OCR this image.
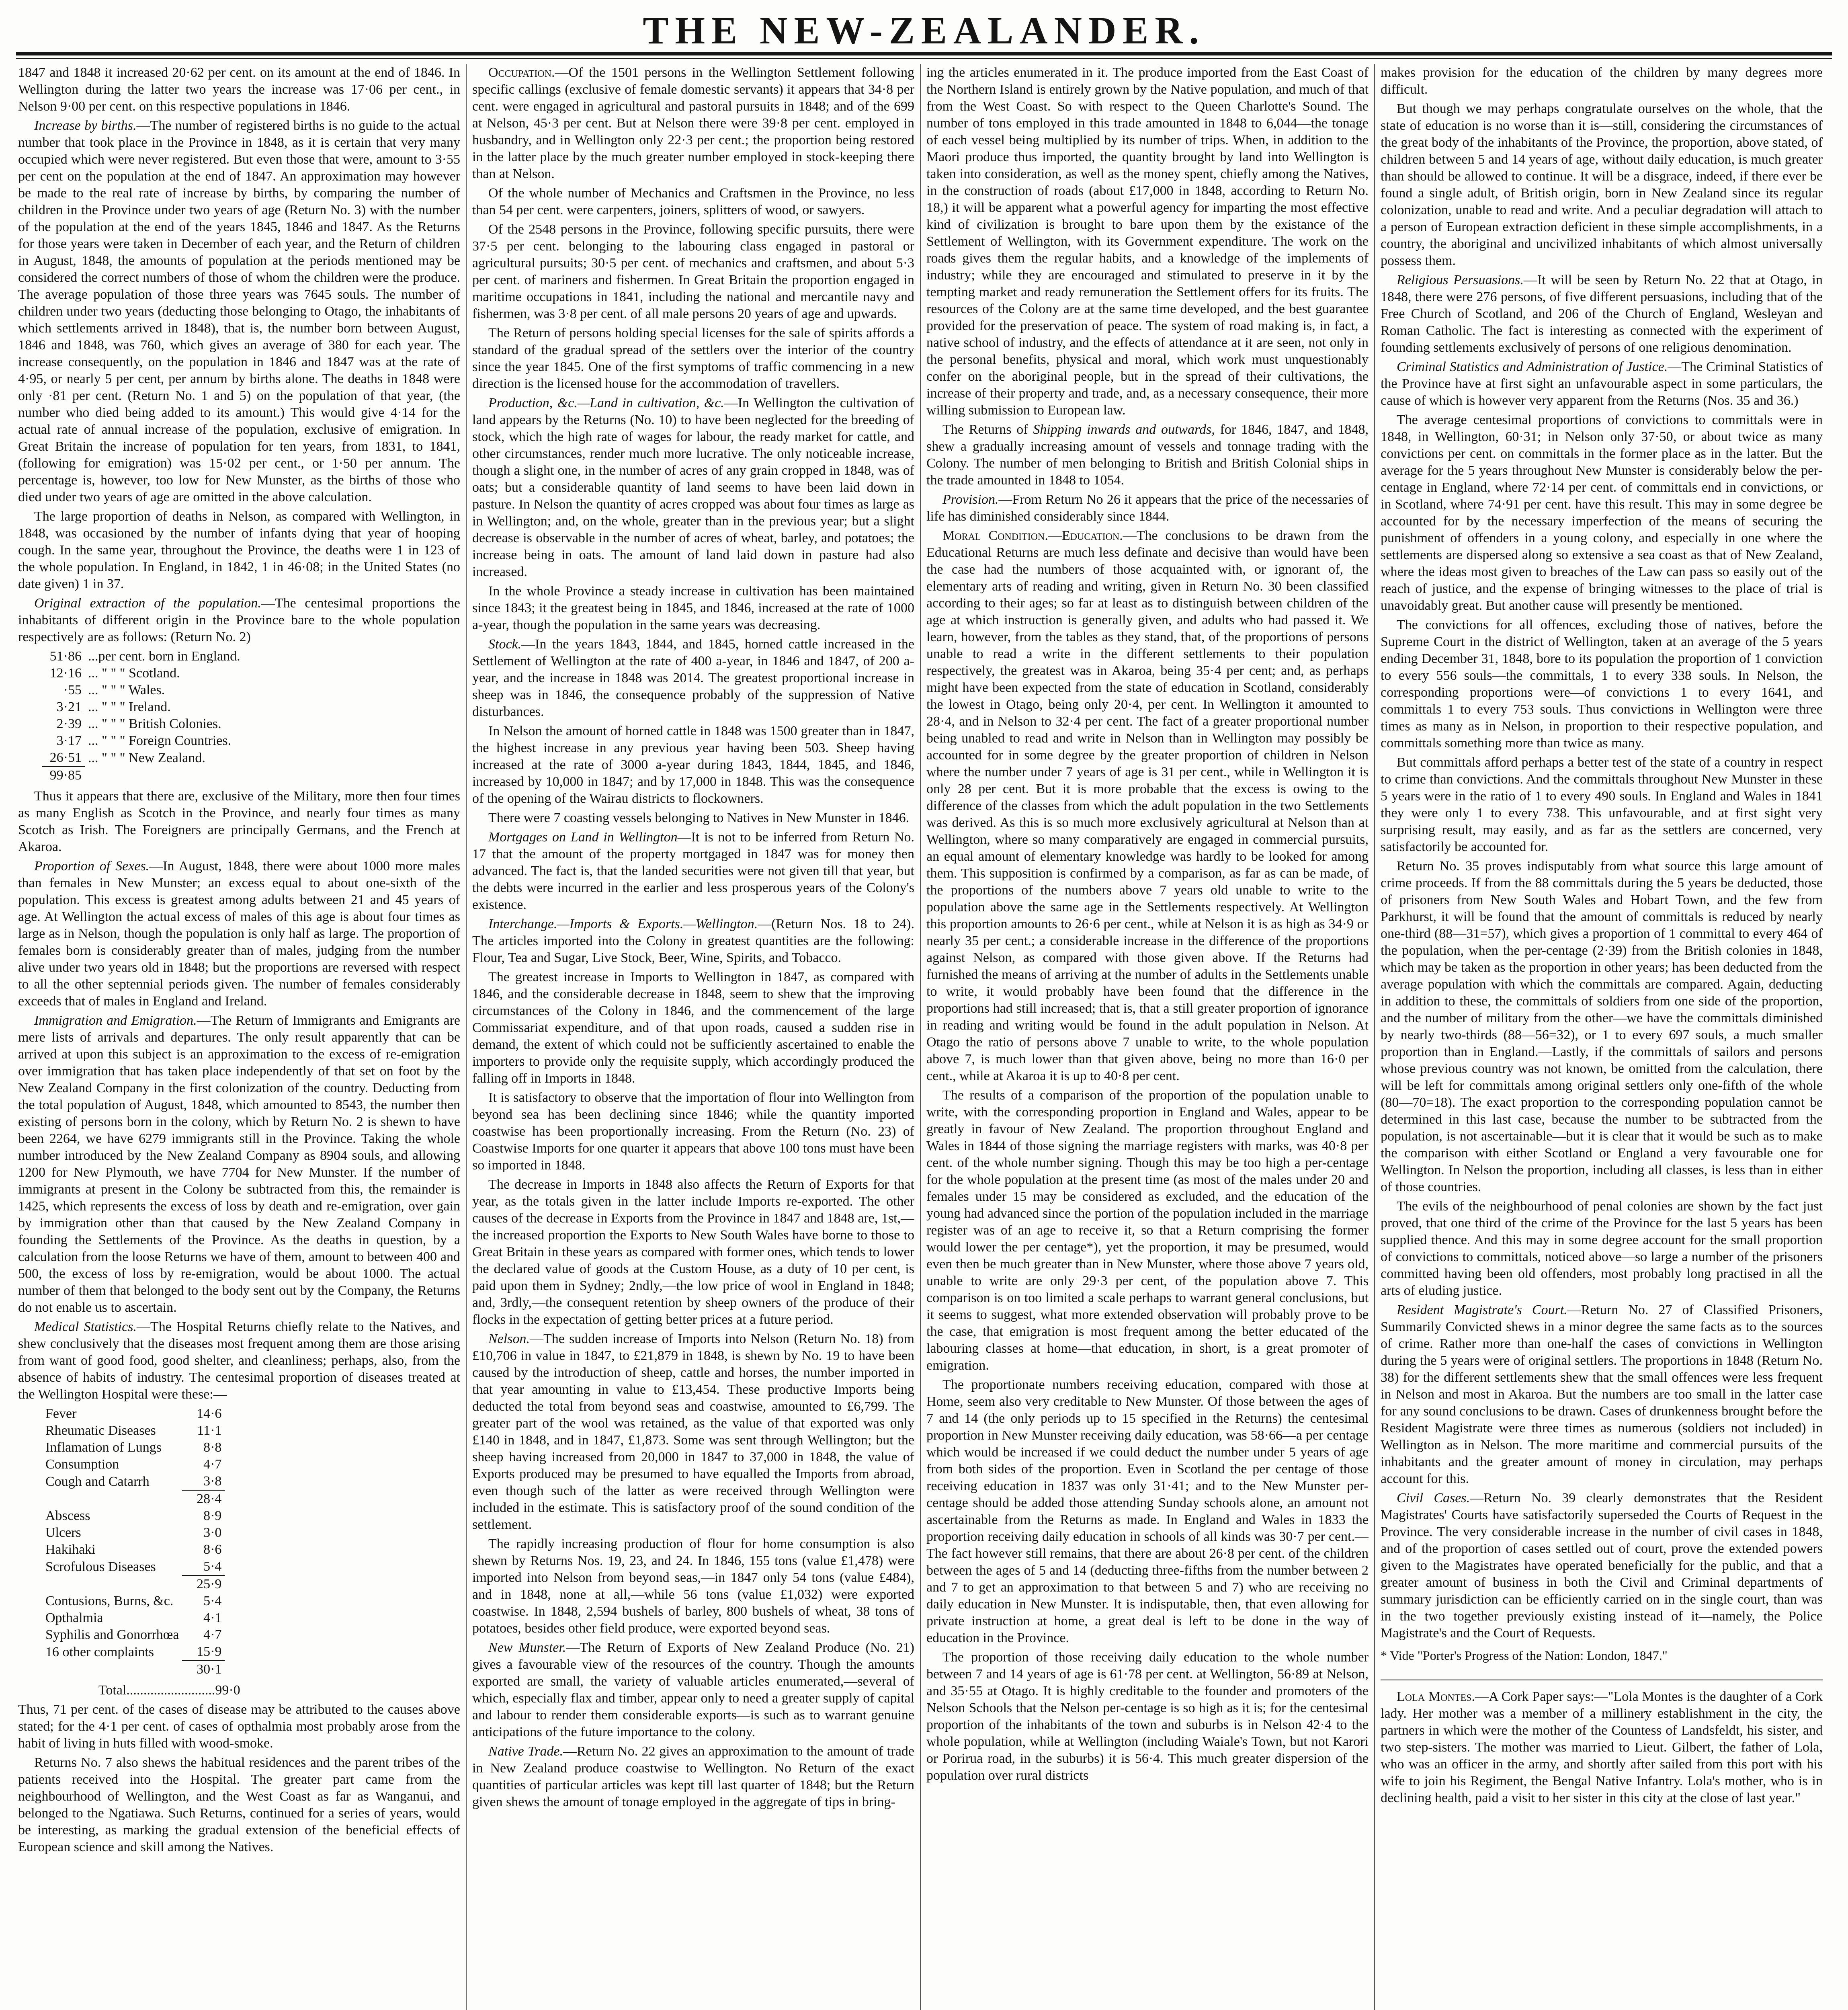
THE NEW-ZEALANDER.

1847 and 1848 it increased 20·62 per cent. on its amount at the end of 1846. In Wellington during the latter two years the increase was 17·06 per cent., in Nelson 9·00 per cent. on this respective populations in 1846.

Increase by births.—The number of registered births is no guide to the actual number that took place in the Province in 1848, as it is certain that very many occupied which were never registered. But even those that were, amount to 3·55 per cent on the population at the end of 1847. An approximation may however be made to the real rate of increase by births, by comparing the number of children in the Province under two years of age (Return No. 3) with the number of the population at the end of the years 1845, 1846 and 1847. As the Returns for those years were taken in December of each year, and the Return of children in August, 1848, the amounts of population at the periods mentioned may be considered the correct numbers of those of whom the children were the produce. The average population of those three years was 7645 souls. The number of children under two years (deducting those belonging to Otago, the inhabitants of which settlements arrived in 1848), that is, the number born between August, 1846 and 1848, was 760, which gives an average of 380 for each year. The increase consequently, on the population in 1846 and 1847 was at the rate of 4·95, or nearly 5 per cent, per annum by births alone. The deaths in 1848 were only ·81 per cent. (Return No. 1 and 5) on the population of that year, (the number who died being added to its amount.) This would give 4·14 for the actual rate of annual increase of the population, exclusive of emigration. In Great Britain the increase of population for ten years, from 1831, to 1841, (following for emigration) was 15·02 per cent., or 1·50 per annum. The percentage is, however, too low for New Munster, as the births of those who died under two years of age are omitted in the above calculation.

The large proportion of deaths in Nelson, as compared with Wellington, in 1848, was occasioned by the number of infants dying that year of hooping cough. In the same year, throughout the Province, the deaths were 1 in 123 of the whole population. In England, in 1842, 1 in 46·08; in the United States (no date given) 1 in 37.

Original extraction of the population.—The centesimal proportions the inhabitants of different origin in the Province bare to the whole population respectively are as follows: (Return No. 2)

51·86	...per cent. born in England.
12·16	... " " " Scotland.
·55	... " " " Wales.
3·21	... " " " Ireland.
2·39	... " " " British Colonies.
3·17	... " " " Foreign Countries.
26·51	... " " " New Zealand.
99·85	

Thus it appears that there are, exclusive of the Military, more then four times as many English as Scotch in the Province, and nearly four times as many Scotch as Irish. The Foreigners are principally Germans, and the French at Akaroa.

Proportion of Sexes.—In August, 1848, there were about 1000 more males than females in New Munster; an excess equal to about one-sixth of the population. This excess is greatest among adults between 21 and 45 years of age. At Wellington the actual excess of males of this age is about four times as large as in Nelson, though the population is only half as large. The proportion of females born is considerably greater than of males, judging from the number alive under two years old in 1848; but the proportions are reversed with respect to all the other septennial periods given. The number of females considerably exceeds that of males in England and Ireland.

Immigration and Emigration.—The Return of Immigrants and Emigrants are mere lists of arrivals and departures. The only result apparently that can be arrived at upon this subject is an approximation to the excess of re-emigration over immigration that has taken place independently of that set on foot by the New Zealand Company in the first colonization of the country. Deducting from the total population of August, 1848, which amounted to 8543, the number then existing of persons born in the colony, which by Return No. 2 is shewn to have been 2264, we have 6279 immigrants still in the Province. Taking the whole number introduced by the New Zealand Company as 8904 souls, and allowing 1200 for New Plymouth, we have 7704 for New Munster. If the number of immigrants at present in the Colony be subtracted from this, the remainder is 1425, which represents the excess of loss by death and re-emigration, over gain by immigration other than that caused by the New Zealand Company in founding the Settlements of the Province. As the deaths in question, by a calculation from the loose Returns we have of them, amount to between 400 and 500, the excess of loss by re-emigration, would be about 1000. The actual number of them that belonged to the body sent out by the Company, the Returns do not enable us to ascertain.

Medical Statistics.—The Hospital Returns chiefly relate to the Natives, and shew conclusively that the diseases most frequent among them are those arising from want of good food, good shelter, and cleanliness; perhaps, also, from the absence of habits of industry. The centesimal proportion of diseases treated at the Wellington Hospital were these:—

Fever	14·6
Rheumatic Diseases	11·1
Inflamation of Lungs	8·8
Consumption	4·7
Cough and Catarrh	3·8
	28·4
Abscess	8·9
Ulcers	3·0
Hakihaki	8·6
Scrofulous Diseases	5·4
	25·9
Contusions, Burns, &c.	5·4
Opthalmia	4·1
Syphilis and Gonorrhœa	4·7
16 other complaints	15·9
	30·1

Total..........................99·0

Thus, 71 per cent. of the cases of disease may be attributed to the causes above stated; for the 4·1 per cent. of cases of opthalmia most probably arose from the habit of living in huts filled with wood-smoke.

Returns No. 7 also shews the habitual residences and the parent tribes of the patients received into the Hospital. The greater part came from the neighbourhood of Wellington, and the West Coast as far as Wanganui, and belonged to the Ngatiawa. Such Returns, continued for a series of years, would be interesting, as marking the gradual extension of the beneficial effects of European science and skill among the Natives.

Occupation.—Of the 1501 persons in the Wellington Settlement following specific callings (exclusive of female domestic servants) it appears that 34·8 per cent. were engaged in agricultural and pastoral pursuits in 1848; and of the 699 at Nelson, 45·3 per cent. But at Nelson there were 39·8 per cent. employed in husbandry, and in Wellington only 22·3 per cent.; the proportion being restored in the latter place by the much greater number employed in stock-keeping there than at Nelson.

Of the whole number of Mechanics and Craftsmen in the Province, no less than 54 per cent. were carpenters, joiners, splitters of wood, or sawyers.

Of the 2548 persons in the Province, following specific pursuits, there were 37·5 per cent. belonging to the labouring class engaged in pastoral or agricultural pursuits; 30·5 per cent. of mechanics and craftsmen, and about 5·3 per cent. of mariners and fishermen. In Great Britain the proportion engaged in maritime occupations in 1841, including the national and mercantile navy and fishermen, was 3·8 per cent. of all male persons 20 years of age and upwards.

The Return of persons holding special licenses for the sale of spirits affords a standard of the gradual spread of the settlers over the interior of the country since the year 1845. One of the first symptoms of traffic commencing in a new direction is the licensed house for the accommodation of travellers.

Production, &c.—Land in cultivation, &c.—In Wellington the cultivation of land appears by the Returns (No. 10) to have been neglected for the breeding of stock, which the high rate of wages for labour, the ready market for cattle, and other circumstances, render much more lucrative. The only noticeable increase, though a slight one, in the number of acres of any grain cropped in 1848, was of oats; but a considerable quantity of land seems to have been laid down in pasture. In Nelson the quantity of acres cropped was about four times as large as in Wellington; and, on the whole, greater than in the previous year; but a slight decrease is observable in the number of acres of wheat, barley, and potatoes; the increase being in oats. The amount of land laid down in pasture had also increased.

In the whole Province a steady increase in cultivation has been maintained since 1843; it the greatest being in 1845, and 1846, increased at the rate of 1000 a-year, though the population in the same years was decreasing.

Stock.—In the years 1843, 1844, and 1845, horned cattle increased in the Settlement of Wellington at the rate of 400 a-year, in 1846 and 1847, of 200 a-year, and the increase in 1848 was 2014. The greatest proportional increase in sheep was in 1846, the consequence probably of the suppression of Native disturbances.

In Nelson the amount of horned cattle in 1848 was 1500 greater than in 1847, the highest increase in any previous year having been 503. Sheep having increased at the rate of 3000 a-year during 1843, 1844, 1845, and 1846, increased by 10,000 in 1847; and by 17,000 in 1848. This was the consequence of the opening of the Wairau districts to flockowners.

There were 7 coasting vessels belonging to Natives in New Munster in 1846.

Mortgages on Land in Wellington—It is not to be inferred from Return No. 17 that the amount of the property mortgaged in 1847 was for money then advanced. The fact is, that the landed securities were not given till that year, but the debts were incurred in the earlier and less prosperous years of the Colony's existence.

Interchange.—Imports & Exports.—Wellington.—(Return Nos. 18 to 24). The articles imported into the Colony in greatest quantities are the following: Flour, Tea and Sugar, Live Stock, Beer, Wine, Spirits, and Tobacco.

The greatest increase in Imports to Wellington in 1847, as compared with 1846, and the considerable decrease in 1848, seem to shew that the improving circumstances of the Colony in 1846, and the commencement of the large Commissariat expenditure, and of that upon roads, caused a sudden rise in demand, the extent of which could not be sufficiently ascertained to enable the importers to provide only the requisite supply, which accordingly produced the falling off in Imports in 1848.

It is satisfactory to observe that the importation of flour into Wellington from beyond sea has been declining since 1846; while the quantity imported coastwise has been proportionally increasing. From the Return (No. 23) of Coastwise Imports for one quarter it appears that above 100 tons must have been so imported in 1848.

The decrease in Imports in 1848 also affects the Return of Exports for that year, as the totals given in the latter include Imports re-exported. The other causes of the decrease in Exports from the Province in 1847 and 1848 are, 1st,—the increased proportion the Exports to New South Wales have borne to those to Great Britain in these years as compared with former ones, which tends to lower the declared value of goods at the Custom House, as a duty of 10 per cent, is paid upon them in Sydney; 2ndly,—the low price of wool in England in 1848; and, 3rdly,—the consequent retention by sheep owners of the produce of their flocks in the expectation of getting better prices at a future period.

Nelson.—The sudden increase of Imports into Nelson (Return No. 18) from £10,706 in value in 1847, to £21,879 in 1848, is shewn by No. 19 to have been caused by the introduction of sheep, cattle and horses, the number imported in that year amounting in value to £13,454. These productive Imports being deducted the total from beyond seas and coastwise, amounted to £6,799. The greater part of the wool was retained, as the value of that exported was only £140 in 1848, and in 1847, £1,873. Some was sent through Wellington; but the sheep having increased from 20,000 in 1847 to 37,000 in 1848, the value of Exports produced may be presumed to have equalled the Imports from abroad, even though such of the latter as were received through Wellington were included in the estimate. This is satisfactory proof of the sound condition of the settlement.

The rapidly increasing production of flour for home consumption is also shewn by Returns Nos. 19, 23, and 24. In 1846, 155 tons (value £1,478) were imported into Nelson from beyond seas,—in 1847 only 54 tons (value £484), and in 1848, none at all,—while 56 tons (value £1,032) were exported coastwise. In 1848, 2,594 bushels of barley, 800 bushels of wheat, 38 tons of potatoes, besides other field produce, were exported beyond seas.

New Munster.—The Return of Exports of New Zealand Produce (No. 21) gives a favourable view of the resources of the country. Though the amounts exported are small, the variety of valuable articles enumerated,—several of which, especially flax and timber, appear only to need a greater supply of capital and labour to render them considerable exports—is such as to warrant genuine anticipations of the future importance to the colony.

Native Trade.—Return No. 22 gives an approximation to the amount of trade in New Zealand produce coastwise to Wellington. No Return of the exact quantities of particular articles was kept till last quarter of 1848; but the Return given shews the amount of tonage employed in the aggregate of tips in bring-

ing the articles enumerated in it. The produce imported from the East Coast of the Northern Island is entirely grown by the Native population, and much of that from the West Coast. So with respect to the Queen Charlotte's Sound. The number of tons employed in this trade amounted in 1848 to 6,044—the tonage of each vessel being multiplied by its number of trips. When, in addition to the Maori produce thus imported, the quantity brought by land into Wellington is taken into consideration, as well as the money spent, chiefly among the Natives, in the construction of roads (about £17,000 in 1848, according to Return No. 18,) it will be apparent what a powerful agency for imparting the most effective kind of civilization is brought to bare upon them by the existance of the Settlement of Wellington, with its Government expenditure. The work on the roads gives them the regular habits, and a knowledge of the implements of industry; while they are encouraged and stimulated to preserve in it by the tempting market and ready remuneration the Settlement offers for its fruits. The resources of the Colony are at the same time developed, and the best guarantee provided for the preservation of peace. The system of road making is, in fact, a native school of industry, and the effects of attendance at it are seen, not only in the personal benefits, physical and moral, which work must unquestionably confer on the aboriginal people, but in the spread of their cultivations, the increase of their property and trade, and, as a necessary consequence, their more willing submission to European law.

The Returns of Shipping inwards and outwards, for 1846, 1847, and 1848, shew a gradually increasing amount of vessels and tonnage trading with the Colony. The number of men belonging to British and British Colonial ships in the trade amounted in 1848 to 1054.

Provision.—From Return No 26 it appears that the price of the necessaries of life has diminished considerably since 1844.

Moral Condition.—Education.—The conclusions to be drawn from the Educational Returns are much less definate and decisive than would have been the case had the numbers of those acquainted with, or ignorant of, the elementary arts of reading and writing, given in Return No. 30 been classified according to their ages; so far at least as to distinguish between children of the age at which instruction is generally given, and adults who had passed it. We learn, however, from the tables as they stand, that, of the proportions of persons unable to read a write in the different settlements to their population respectively, the greatest was in Akaroa, being 35·4 per cent; and, as perhaps might have been expected from the state of education in Scotland, considerably the lowest in Otago, being only 20·4, per cent. In Wellington it amounted to 28·4, and in Nelson to 32·4 per cent. The fact of a greater proportional number being unabled to read and write in Nelson than in Wellington may possibly be accounted for in some degree by the greater proportion of children in Nelson where the number under 7 years of age is 31 per cent., while in Wellington it is only 28 per cent. But it is more probable that the excess is owing to the difference of the classes from which the adult population in the two Settlements was derived. As this is so much more exclusively agricultural at Nelson than at Wellington, where so many comparatively are engaged in commercial pursuits, an equal amount of elementary knowledge was hardly to be looked for among them. This supposition is confirmed by a comparison, as far as can be made, of the proportions of the numbers above 7 years old unable to write to the population above the same age in the Settlements respectively. At Wellington this proportion amounts to 26·6 per cent., while at Nelson it is as high as 34·9 or nearly 35 per cent.; a considerable increase in the difference of the proportions against Nelson, as compared with those given above. If the Returns had furnished the means of arriving at the number of adults in the Settlements unable to write, it would probably have been found that the difference in the proportions had still increased; that is, that a still greater proportion of ignorance in reading and writing would be found in the adult population in Nelson. At Otago the ratio of persons above 7 unable to write, to the whole population above 7, is much lower than that given above, being no more than 16·0 per cent., while at Akaroa it is up to 40·8 per cent.

The results of a comparison of the proportion of the population unable to write, with the corresponding proportion in England and Wales, appear to be greatly in favour of New Zealand. The proportion throughout England and Wales in 1844 of those signing the marriage registers with marks, was 40·8 per cent. of the whole number signing. Though this may be too high a per-centage for the whole population at the present time (as most of the males under 20 and females under 15 may be considered as excluded, and the education of the young had advanced since the portion of the population included in the marriage register was of an age to receive it, so that a Return comprising the former would lower the per centage*), yet the proportion, it may be presumed, would even then be much greater than in New Munster, where those above 7 years old, unable to write are only 29·3 per cent, of the population above 7. This comparison is on too limited a scale perhaps to warrant general conclusions, but it seems to suggest, what more extended observation will probably prove to be the case, that emigration is most frequent among the better educated of the labouring classes at home—that education, in short, is a great promoter of emigration.

The proportionate numbers receiving education, compared with those at Home, seem also very creditable to New Munster. Of those between the ages of 7 and 14 (the only periods up to 15 specified in the Returns) the centesimal proportion in New Munster receiving daily education, was 58·66—a per centage which would be increased if we could deduct the number under 5 years of age from both sides of the proportion. Even in Scotland the per centage of those receiving education in 1837 was only 31·41; and to the New Munster per-centage should be added those attending Sunday schools alone, an amount not ascertainable from the Returns as made. In England and Wales in 1833 the proportion receiving daily education in schools of all kinds was 30·7 per cent.—The fact however still remains, that there are about 26·8 per cent. of the children between the ages of 5 and 14 (deducting three-fifths from the number between 2 and 7 to get an approximation to that between 5 and 7) who are receiving no daily education in New Munster. It is indisputable, then, that even allowing for private instruction at home, a great deal is left to be done in the way of education in the Province.

The proportion of those receiving daily education to the whole number between 7 and 14 years of age is 61·78 per cent. at Wellington, 56·89 at Nelson, and 35·55 at Otago. It is highly creditable to the founder and promoters of the Nelson Schools that the Nelson per-centage is so high as it is; for the centesimal proportion of the inhabitants of the town and suburbs is in Nelson 42·4 to the whole population, while at Wellington (including Waiale's Town, but not Karori or Porirua road, in the suburbs) it is 56·4. This much greater dispersion of the population over rural districts

makes provision for the education of the children by many degrees more difficult.

But though we may perhaps congratulate ourselves on the whole, that the state of education is no worse than it is—still, considering the circumstances of the great body of the inhabitants of the Province, the proportion, above stated, of children between 5 and 14 years of age, without daily education, is much greater than should be allowed to continue. It will be a disgrace, indeed, if there ever be found a single adult, of British origin, born in New Zealand since its regular colonization, unable to read and write. And a peculiar degradation will attach to a person of European extraction deficient in these simple accomplishments, in a country, the aboriginal and uncivilized inhabitants of which almost universally possess them.

Religious Persuasions.—It will be seen by Return No. 22 that at Otago, in 1848, there were 276 persons, of five different persuasions, including that of the Free Church of Scotland, and 206 of the Church of England, Wesleyan and Roman Catholic. The fact is interesting as connected with the experiment of founding settlements exclusively of persons of one religious denomination.

Criminal Statistics and Administration of Justice.—The Criminal Statistics of the Province have at first sight an unfavourable aspect in some particulars, the cause of which is however very apparent from the Returns (Nos. 35 and 36.)

The average centesimal proportions of convictions to committals were in 1848, in Wellington, 60·31; in Nelson only 37·50, or about twice as many convictions per cent. on committals in the former place as in the latter. But the average for the 5 years throughout New Munster is considerably below the per-centage in England, where 72·14 per cent. of committals end in convictions, or in Scotland, where 74·91 per cent. have this result. This may in some degree be accounted for by the necessary imperfection of the means of securing the punishment of offenders in a young colony, and especially in one where the settlements are dispersed along so extensive a sea coast as that of New Zealand, where the ideas most given to breaches of the Law can pass so easily out of the reach of justice, and the expense of bringing witnesses to the place of trial is unavoidably great. But another cause will presently be mentioned.

The convictions for all offences, excluding those of natives, before the Supreme Court in the district of Wellington, taken at an average of the 5 years ending December 31, 1848, bore to its population the proportion of 1 conviction to every 556 souls—the committals, 1 to every 338 souls. In Nelson, the corresponding proportions were—of convictions 1 to every 1641, and committals 1 to every 753 souls. Thus convictions in Wellington were three times as many as in Nelson, in proportion to their respective population, and committals something more than twice as many.

But committals afford perhaps a better test of the state of a country in respect to crime than convictions. And the committals throughout New Munster in these 5 years were in the ratio of 1 to every 490 souls. In England and Wales in 1841 they were only 1 to every 738. This unfavourable, and at first sight very surprising result, may easily, and as far as the settlers are concerned, very satisfactorily be accounted for.

Return No. 35 proves indisputably from what source this large amount of crime proceeds. If from the 88 committals during the 5 years be deducted, those of prisoners from New South Wales and Hobart Town, and the few from Parkhurst, it will be found that the amount of committals is reduced by nearly one-third (88—31=57), which gives a proportion of 1 committal to every 464 of the population, when the per-centage (2·39) from the British colonies in 1848, which may be taken as the proportion in other years; has been deducted from the average population with which the committals are compared. Again, deducting in addition to these, the committals of soldiers from one side of the proportion, and the number of military from the other—we have the committals diminished by nearly two-thirds (88—56=32), or 1 to every 697 souls, a much smaller proportion than in England.—Lastly, if the committals of sailors and persons whose previous country was not known, be omitted from the calculation, there will be left for committals among original settlers only one-fifth of the whole (80—70=18). The exact proportion to the corresponding population cannot be determined in this last case, because the number to be subtracted from the population, is not ascertainable—but it is clear that it would be such as to make the comparison with either Scotland or England a very favourable one for Wellington. In Nelson the proportion, including all classes, is less than in either of those countries.

The evils of the neighbourhood of penal colonies are shown by the fact just proved, that one third of the crime of the Province for the last 5 years has been supplied thence. And this may in some degree account for the small proportion of convictions to committals, noticed above—so large a number of the prisoners committed having been old offenders, most probably long practised in all the arts of eluding justice.

Resident Magistrate's Court.—Return No. 27 of Classified Prisoners, Summarily Convicted shews in a minor degree the same facts as to the sources of crime. Rather more than one-half the cases of convictions in Wellington during the 5 years were of original settlers. The proportions in 1848 (Return No. 38) for the different settlements shew that the small offences were less frequent in Nelson and most in Akaroa. But the numbers are too small in the latter case for any sound conclusions to be drawn. Cases of drunkenness brought before the Resident Magistrate were three times as numerous (soldiers not included) in Wellington as in Nelson. The more maritime and commercial pursuits of the inhabitants and the greater amount of money in circulation, may perhaps account for this.

Civil Cases.—Return No. 39 clearly demonstrates that the Resident Magistrates' Courts have satisfactorily superseded the Courts of Request in the Province. The very considerable increase in the number of civil cases in 1848, and of the proportion of cases settled out of court, prove the extended powers given to the Magistrates have operated beneficially for the public, and that a greater amount of business in both the Civil and Criminal departments of summary jurisdiction can be efficiently carried on in the single court, than was in the two together previously existing instead of it—namely, the Police Magistrate's and the Court of Requests.

* Vide "Porter's Progress of the Nation: London, 1847."

Lola Montes.—A Cork Paper says:—"Lola Montes is the daughter of a Cork lady. Her mother was a member of a millinery establishment in the city, the partners in which were the mother of the Countess of Landsfeldt, his sister, and two step-sisters. The mother was married to Lieut. Gilbert, the father of Lola, who was an officer in the army, and shortly after sailed from this port with his wife to join his Regiment, the Bengal Native Infantry. Lola's mother, who is in declining health, paid a visit to her sister in this city at the close of last year."
